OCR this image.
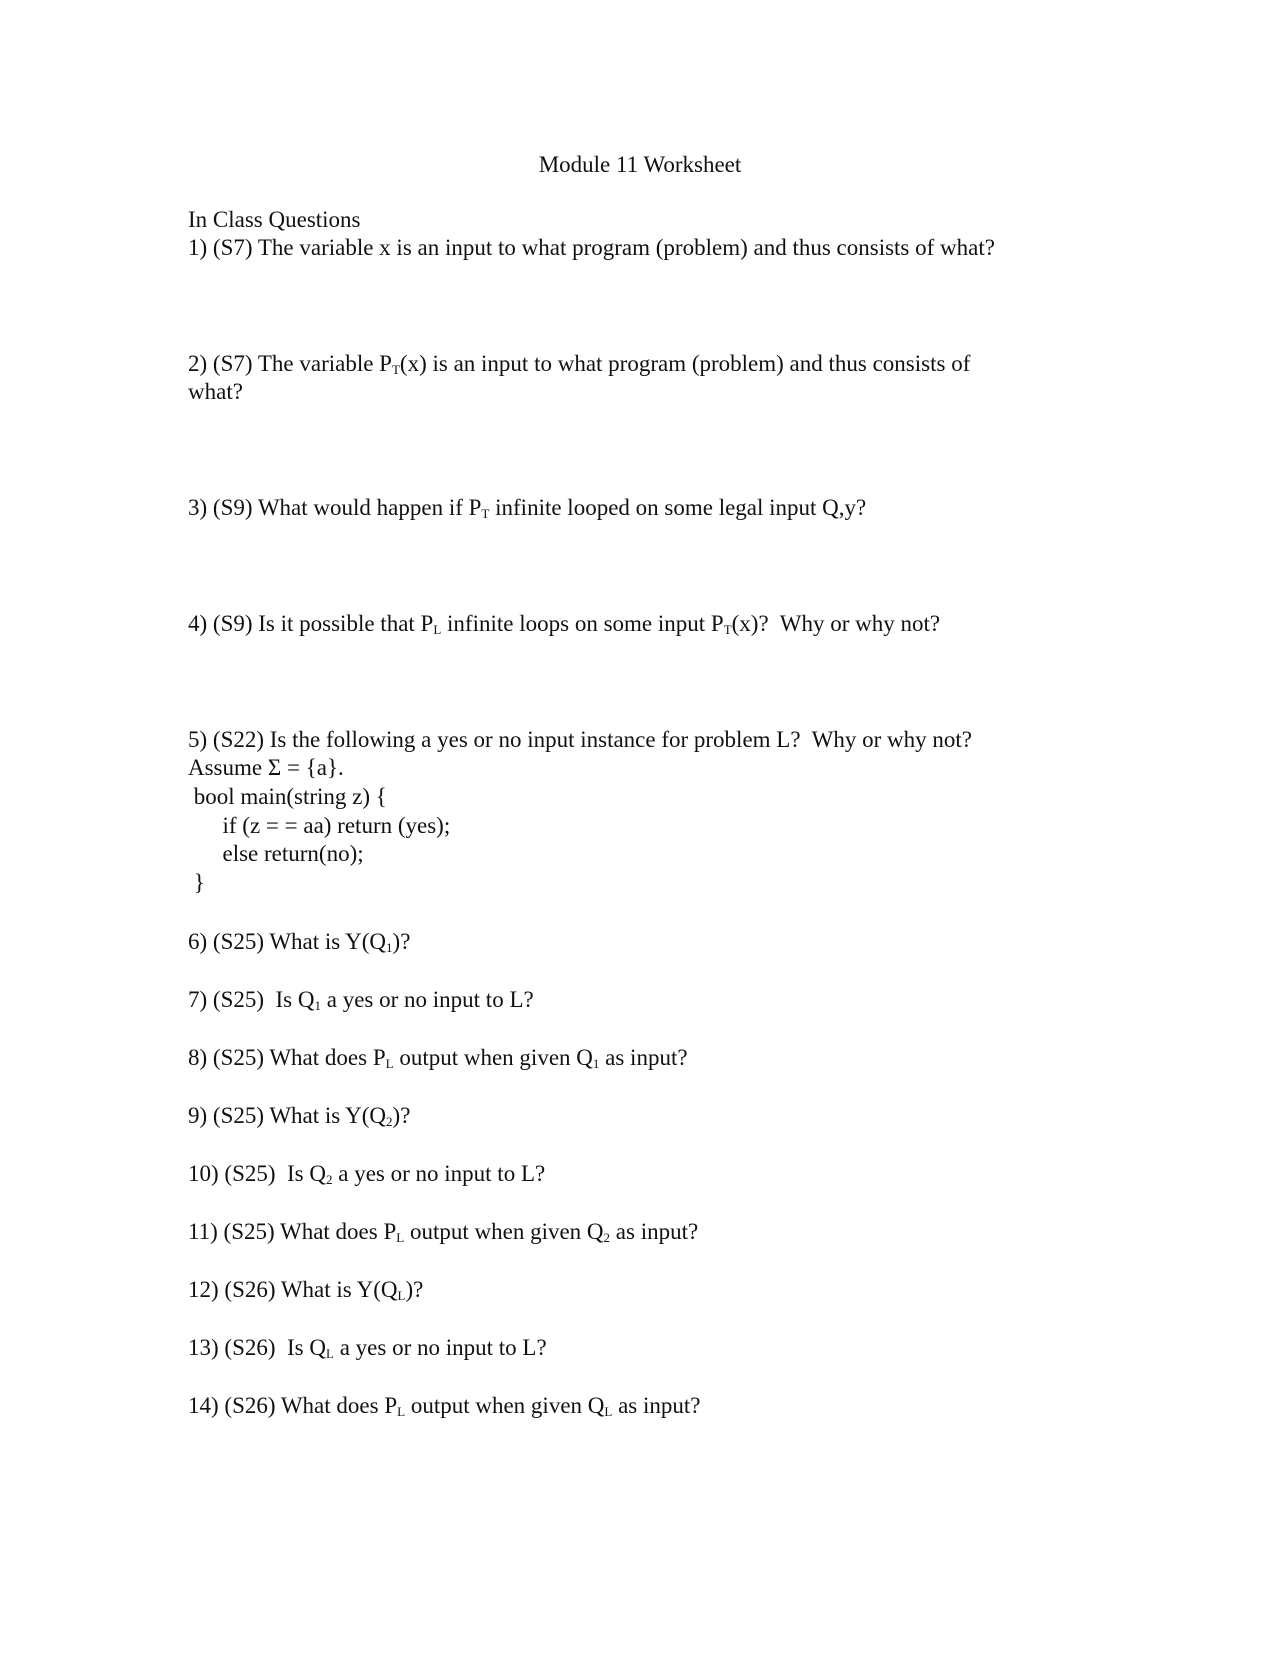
Module 11 Worksheet
In Class Questions
1) (S7) The variable x is an input to what program (problem) and thus consists of what?
2) (S7) The variable $P_T(x)$ is an input to what program (problem) and thus consists of
what?
3) (S9) What would happen if $P_T$ infinite looped on some legal input Q,y?
4) (S9) Is it possible that $P_L$ infinite loops on some input $P_T(x)$?  Why or why not?
5) (S22) Is the following a yes or no input instance for problem L?  Why or why not?
Assume Σ = {a}.
bool main(string z) {
if (z = = aa) return (yes);
else return(no);
}
6) (S25) What is $Y(Q_1)$?
7) (S25)  Is $Q_1$ a yes or no input to L?
8) (S25) What does $P_L$ output when given $Q_1$ as input?
9) (S25) What is $Y(Q_2)$?
10) (S25)  Is $Q_2$ a yes or no input to L?
11) (S25) What does $P_L$ output when given $Q_2$ as input?
12) (S26) What is $Y(Q_L)$?
13) (S26)  Is $Q_L$ a yes or no input to L?
14) (S26) What does $P_L$ output when given $Q_L$ as input?
